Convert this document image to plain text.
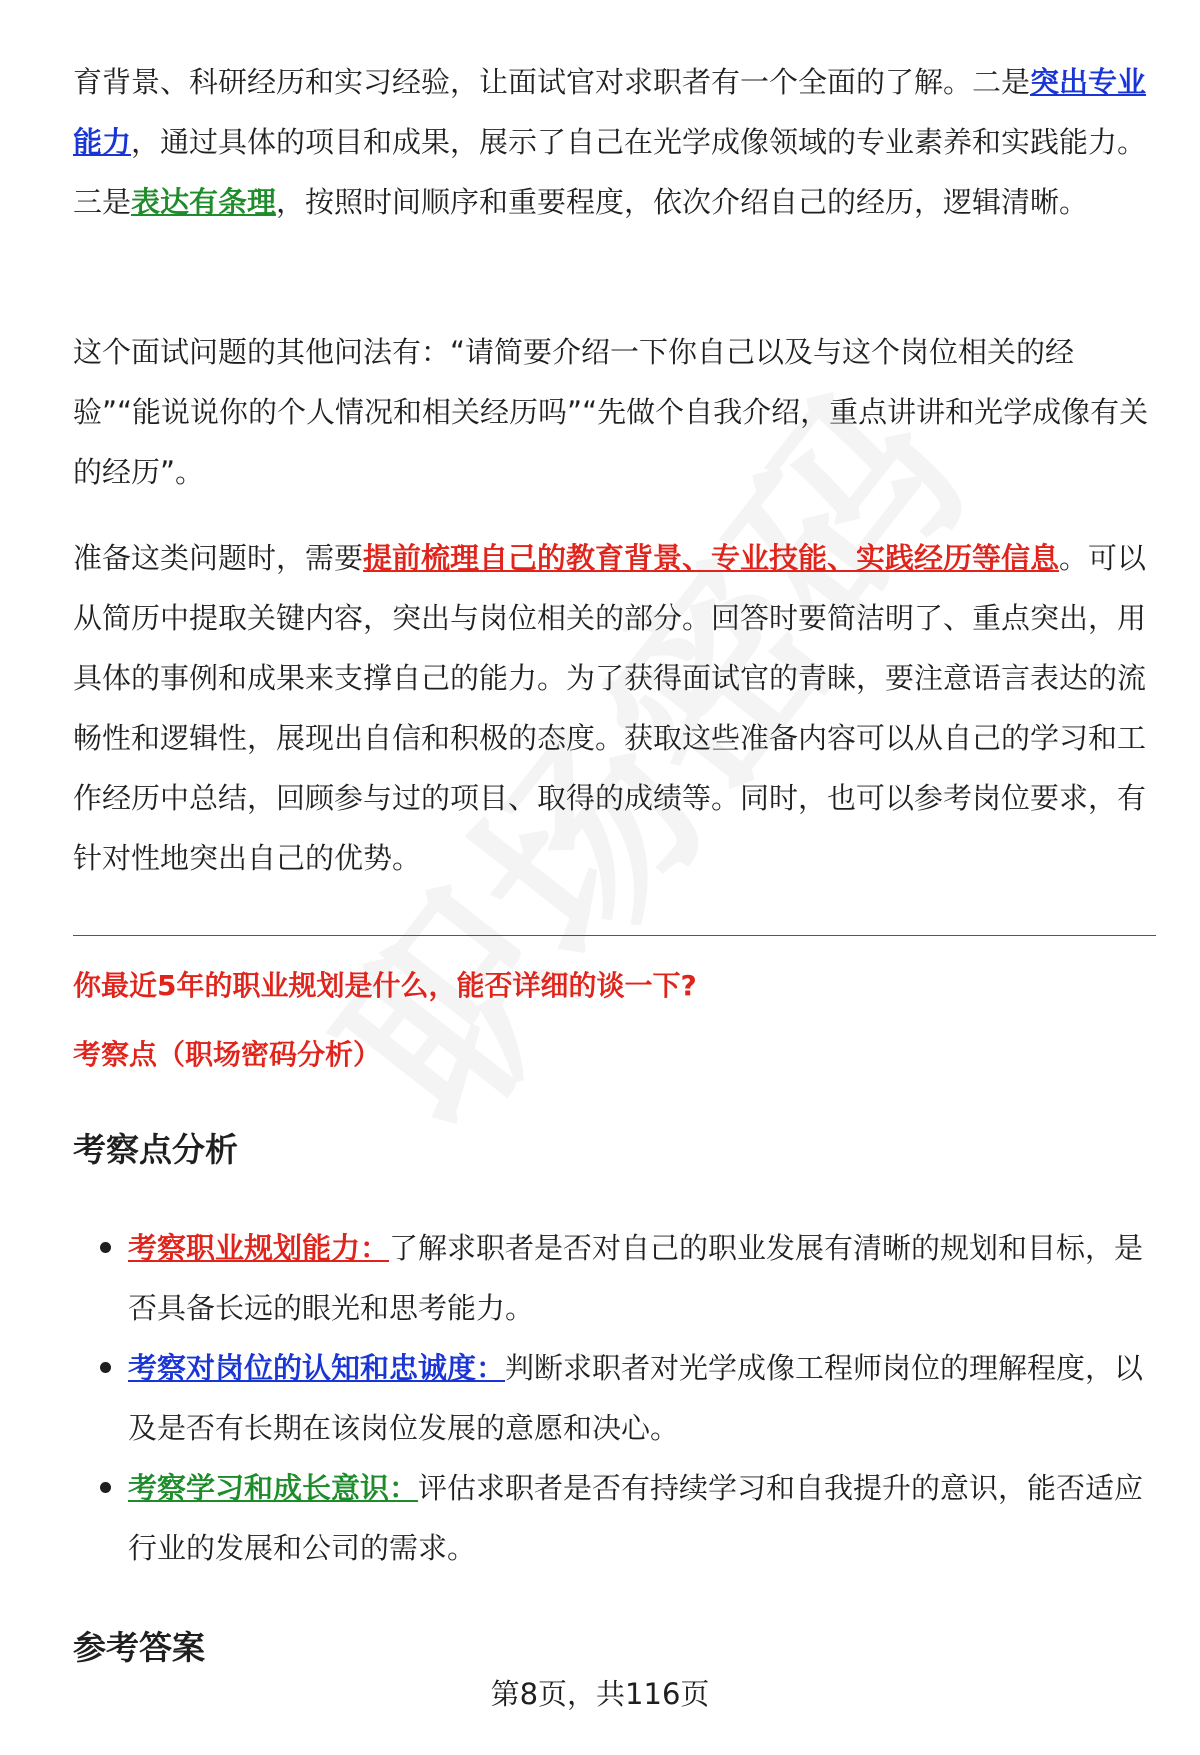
育背景、科研经历和实习经验，让面试官对求职者有一个全面的了解。二是突出专业能力，通过具体的项目和成果，展示了自己在光学成像领域的专业素养和实践能力。三是表达有条理，按照时间顺序和重要程度，依次介绍自己的经历，逻辑清晰。

这个面试问题的其他问法有：“请简要介绍一下你自己以及与这个岗位相关的经验”“能说说你的个人情况和相关经历吗”“先做个自我介绍，重点讲讲和光学成像有关的经历”。

准备这类问题时，需要提前梳理自己的教育背景、专业技能、实践经历等信息。可以从简历中提取关键内容，突出与岗位相关的部分。回答时要简洁明了、重点突出，用具体的事例和成果来支撑自己的能力。为了获得面试官的青睐，要注意语言表达的流畅性和逻辑性，展现出自信和积极的态度。获取这些准备内容可以从自己的学习和工作经历中总结，回顾参与过的项目、取得的成绩等。同时，也可以参考岗位要求，有针对性地突出自己的优势。

你最近5年的职业规划是什么，能否详细的谈一下?

考察点（职场密码分析）

考察点分析
考察职业规划能力：了解求职者是否对自己的职业发展有清晰的规划和目标，是否具备长远的眼光和思考能力。
考察对岗位的认知和忠诚度：判断求职者对光学成像工程师岗位的理解程度，以及是否有长期在该岗位发展的意愿和决心。
考察学习和成长意识：评估求职者是否有持续学习和自我提升的意识，能否适应行业的发展和公司的需求。
参考答案
第8页，共116页
